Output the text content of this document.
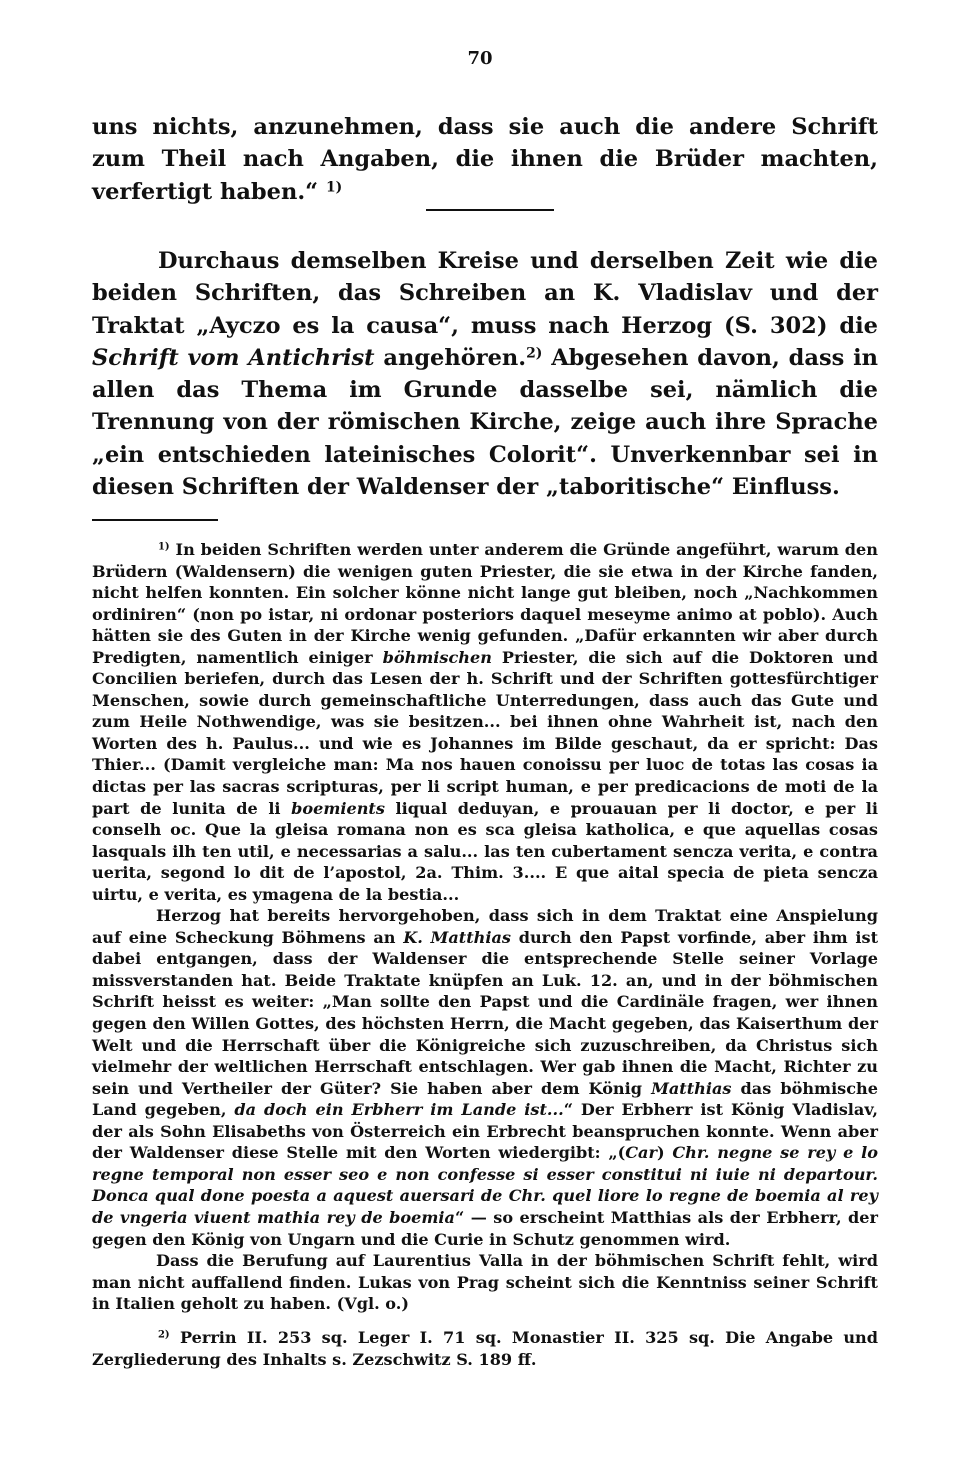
70

uns nichts, anzunehmen, dass sie auch die andere Schrift zum Theil nach Angaben, die ihnen die Brüder machten, verfertigt haben.“ $^{1)}$

Durchaus demselben Kreise und derselben Zeit wie die beiden Schriften, das Schreiben an K. Vladislav und der Traktat „Ayczo es la causa“, muss nach Herzog (S. 302) die Schrift vom Antichrist angehören.$^{2)}$ Abgesehen davon, dass in allen das Thema im Grunde dasselbe sei, nämlich die Trennung von der römischen Kirche, zeige auch ihre Sprache „ein entschieden lateinisches Colorit“. Unverkennbar sei in diesen Schriften der Waldenser der „taboritische“ Einfluss.

$^{1)}$ In beiden Schriften werden unter anderem die Gründe angeführt, warum den Brüdern (Waldensern) die wenigen guten Priester, die sie etwa in der Kirche fanden, nicht helfen konnten. Ein solcher könne nicht lange gut bleiben, noch „Nachkommen ordiniren“ (non po istar, ni ordonar posteriors daquel meseyme animo at poblo). Auch hätten sie des Guten in der Kirche wenig gefunden. „Dafür erkannten wir aber durch Predigten, namentlich einiger böhmischen Priester, die sich auf die Doktoren und Concilien beriefen, durch das Lesen der h. Schrift und der Schriften gottesfürchtiger Menschen, sowie durch gemeinschaftliche Unterredungen, dass auch das Gute und zum Heile Nothwendige, was sie besitzen... bei ihnen ohne Wahrheit ist, nach den Worten des h. Paulus... und wie es Johannes im Bilde geschaut, da er spricht: Das Thier... (Damit vergleiche man: Ma nos hauen conoissu per luoc de totas las cosas ia dictas per las sacras scripturas, per li script human, e per predicacions de moti de la part de lunita de li boemients liqual deduyan, e prouauan per li doctor, e per li conselh oc. Que la gleisa romana non es sca gleisa katholica, e que aquellas cosas lasquals ilh ten util, e necessarias a salu... las ten cubertament sencza verita, e contra uerita, segond lo dit de l’apostol, 2a. Thim. 3.... E que aital specia de pieta sencza uirtu, e verita, es ymagena de la bestia...

Herzog hat bereits hervorgehoben, dass sich in dem Traktat eine Anspielung auf eine Scheckung Böhmens an K. Matthias durch den Papst vorfinde, aber ihm ist dabei entgangen, dass der Waldenser die entsprechende Stelle seiner Vorlage missverstanden hat. Beide Traktate knüpfen an Luk. 12. an, und in der böhmischen Schrift heisst es weiter: „Man sollte den Papst und die Cardinäle fragen, wer ihnen gegen den Willen Gottes, des höchsten Herrn, die Macht gegeben, das Kaiserthum der Welt und die Herrschaft über die Königreiche sich zuzuschreiben, da Christus sich vielmehr der weltlichen Herrschaft entschlagen. Wer gab ihnen die Macht, Richter zu sein und Vertheiler der Güter? Sie haben aber dem König Matthias das böhmische Land gegeben, da doch ein Erbherr im Lande ist...“ Der Erbherr ist König Vladislav, der als Sohn Elisabeths von Österreich ein Erbrecht beanspruchen konnte. Wenn aber der Waldenser diese Stelle mit den Worten wiedergibt: „(Car) Chr. negne se rey e lo regne temporal non esser seo e non confesse si esser constitui ni iuie ni departour. Donca qual done poesta a aquest auersari de Chr. quel liore lo regne de boemia al rey de vngeria viuent mathia rey de boemia“ — so erscheint Matthias als der Erbherr, der gegen den König von Ungarn und die Curie in Schutz genommen wird.

Dass die Berufung auf Laurentius Valla in der böhmischen Schrift fehlt, wird man nicht auffallend finden. Lukas von Prag scheint sich die Kenntniss seiner Schrift in Italien geholt zu haben. (Vgl. o.)

$^{2)}$ Perrin II. 253 sq. Leger I. 71 sq. Monastier II. 325 sq. Die Angabe und Zergliederung des Inhalts s. Zezschwitz S. 189 ff.
